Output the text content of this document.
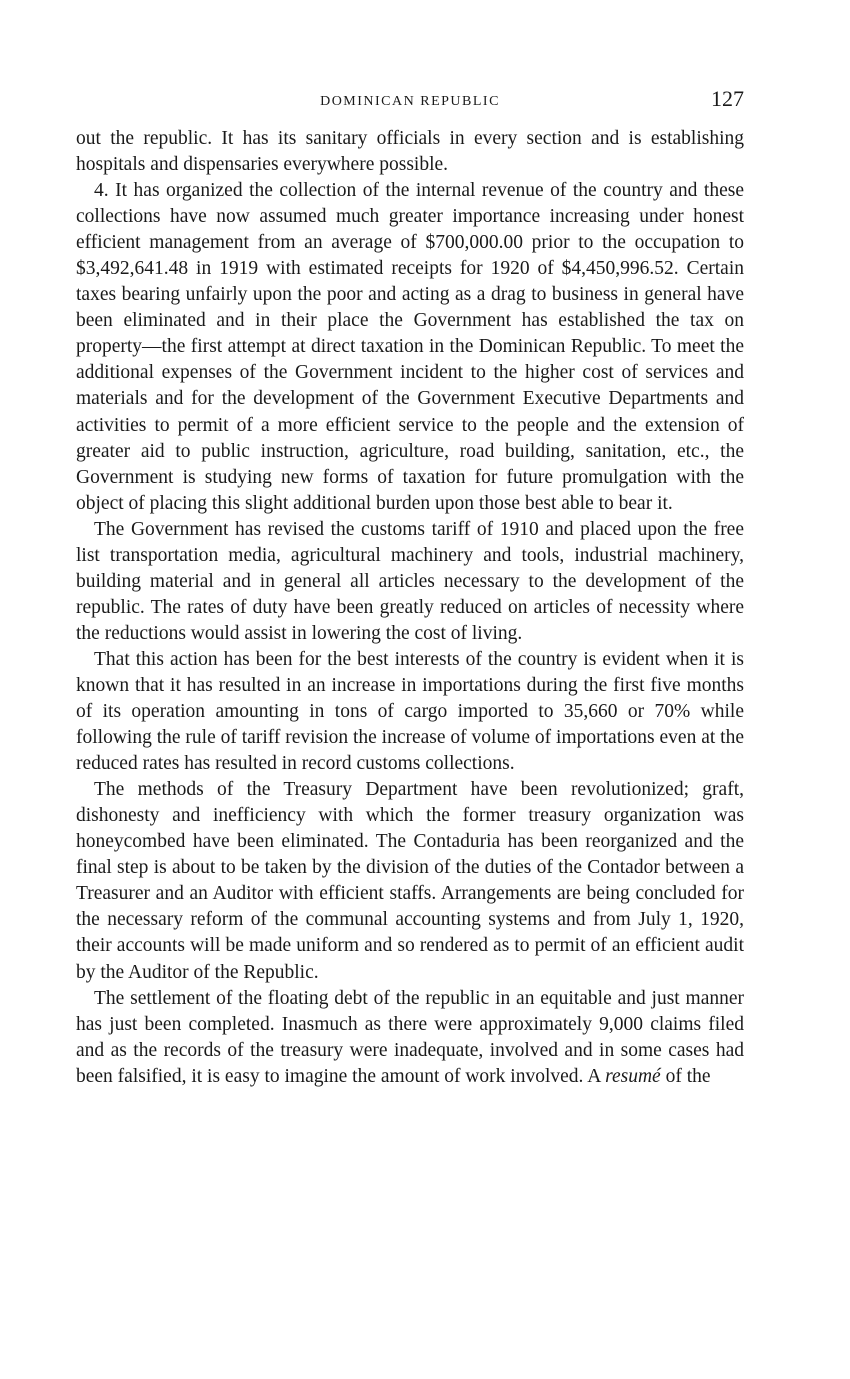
DOMINICAN REPUBLIC	127

out the republic. It has its sanitary officials in every section and is establishing hospitals and dispensaries everywhere possible.

4. It has organized the collection of the internal revenue of the country and these collections have now assumed much greater importance increasing under honest efficient management from an average of $700,000.00 prior to the occupation to $3,492,641.48 in 1919 with estimated receipts for 1920 of $4,450,996.52. Certain taxes bearing unfairly upon the poor and acting as a drag to business in general have been eliminated and in their place the Government has established the tax on property—the first attempt at direct taxation in the Dominican Republic. To meet the additional expenses of the Government incident to the higher cost of services and materials and for the development of the Government Executive Departments and activities to permit of a more efficient service to the people and the extension of greater aid to public instruction, agriculture, road building, sanitation, etc., the Government is studying new forms of taxation for future promulgation with the object of placing this slight additional burden upon those best able to bear it.

The Government has revised the customs tariff of 1910 and placed upon the free list transportation media, agricultural machinery and tools, industrial machinery, building material and in general all articles necessary to the development of the republic. The rates of duty have been greatly reduced on articles of necessity where the reductions would assist in lowering the cost of living.

That this action has been for the best interests of the country is evident when it is known that it has resulted in an increase in importations during the first five months of its operation amounting in tons of cargo imported to 35,660 or 70% while following the rule of tariff revision the increase of volume of importations even at the reduced rates has resulted in record customs collections.

The methods of the Treasury Department have been revolutionized; graft, dishonesty and inefficiency with which the former treasury organization was honeycombed have been eliminated. The Contaduria has been reorganized and the final step is about to be taken by the division of the duties of the Contador between a Treasurer and an Auditor with efficient staffs. Arrangements are being concluded for the necessary reform of the communal accounting systems and from July 1, 1920, their accounts will be made uniform and so rendered as to permit of an efficient audit by the Auditor of the Republic.

The settlement of the floating debt of the republic in an equitable and just manner has just been completed. Inasmuch as there were approximately 9,000 claims filed and as the records of the treasury were inadequate, involved and in some cases had been falsified, it is easy to imagine the amount of work involved. A resumé of the
